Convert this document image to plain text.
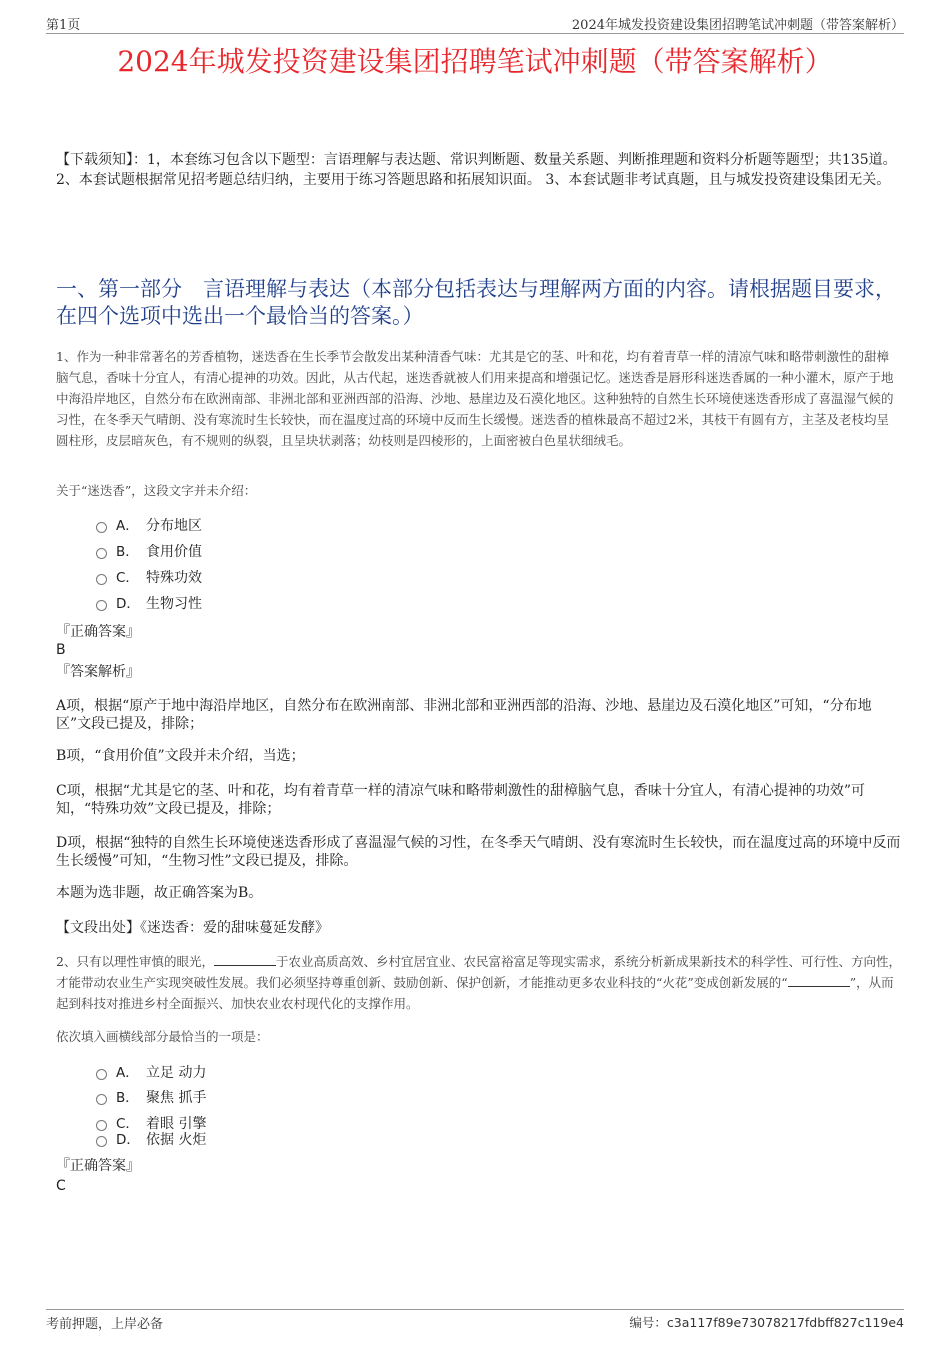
第1页	2024年城发投资建设集团招聘笔试冲刺题（带答案解析）
2024年城发投资建设集团招聘笔试冲刺题（带答案解析）
【下载须知】：1，本套练习包含以下题型：言语理解与表达题、常识判断题、数量关系题、判断推理题和资料分析题等题型；共135道。 2、本套试题根据常见招考题总结归纳，主要用于练习答题思路和拓展知识面。 3、本套试题非考试真题，且与城发投资建设集团无关。
一、第一部分　言语理解与表达（本部分包括表达与理解两方面的内容。请根据题目要求，在四个选项中选出一个最恰当的答案。）
1、作为一种非常著名的芳香植物，迷迭香在生长季节会散发出某种清香气味：尤其是它的茎、叶和花，均有着青草一样的清凉气味和略带刺激性的甜樟脑气息，香味十分宜人，有清心提神的功效。因此，从古代起，迷迭香就被人们用来提高和增强记忆。迷迭香是唇形科迷迭香属的一种小灌木，原产于地中海沿岸地区，自然分布在欧洲南部、非洲北部和亚洲西部的沿海、沙地、悬崖边及石漠化地区。这种独特的自然生长环境使迷迭香形成了喜温湿气候的习性，在冬季天气晴朗、没有寒流时生长较快，而在温度过高的环境中反而生长缓慢。迷迭香的植株最高不超过2米，其枝干有圆有方，主茎及老枝均呈圆柱形，皮层暗灰色，有不规则的纵裂，且呈块状剥落；幼枝则是四棱形的，上面密被白色星状细绒毛。
关于“迷迭香”，这段文字并未介绍：
A． 分布地区
B． 食用价值
C． 特殊功效
D． 生物习性
『正确答案』
B
『答案解析』
A项，根据“原产于地中海沿岸地区，自然分布在欧洲南部、非洲北部和亚洲西部的沿海、沙地、悬崖边及石漠化地区”可知，“分布地区”文段已提及，排除；
B项，“食用价值”文段并未介绍，当选；
C项，根据“尤其是它的茎、叶和花，均有着青草一样的清凉气味和略带刺激性的甜樟脑气息，香味十分宜人，有清心提神的功效”可知，“特殊功效”文段已提及，排除；
D项，根据“独特的自然生长环境使迷迭香形成了喜温湿气候的习性，在冬季天气晴朗、没有寒流时生长较快，而在温度过高的环境中反而生长缓慢”可知，“生物习性”文段已提及，排除。
本题为选非题，故正确答案为B。
【文段出处】《迷迭香：爱的甜味蔓延发酵》
2、只有以理性审慎的眼光，	于农业高质高效、乡村宜居宜业、农民富裕富足等现实需求，系统分析新成果新技术的科学性、可行性、方向性，才能带动农业生产实现突破性发展。我们必须坚持尊重创新、鼓励创新、保护创新，才能推动更多农业科技的“火花”变成创新发展的“	”，从而起到科技对推进乡村全面振兴、加快农业农村现代化的支撑作用。
依次填入画横线部分最恰当的一项是：
A． 立足 动力
B． 聚焦 抓手
C． 着眼 引擎
D． 依据 火炬
『正确答案』
C
考前押题，上岸必备	编号：c3a117f89e73078217fdbff827c119e4
